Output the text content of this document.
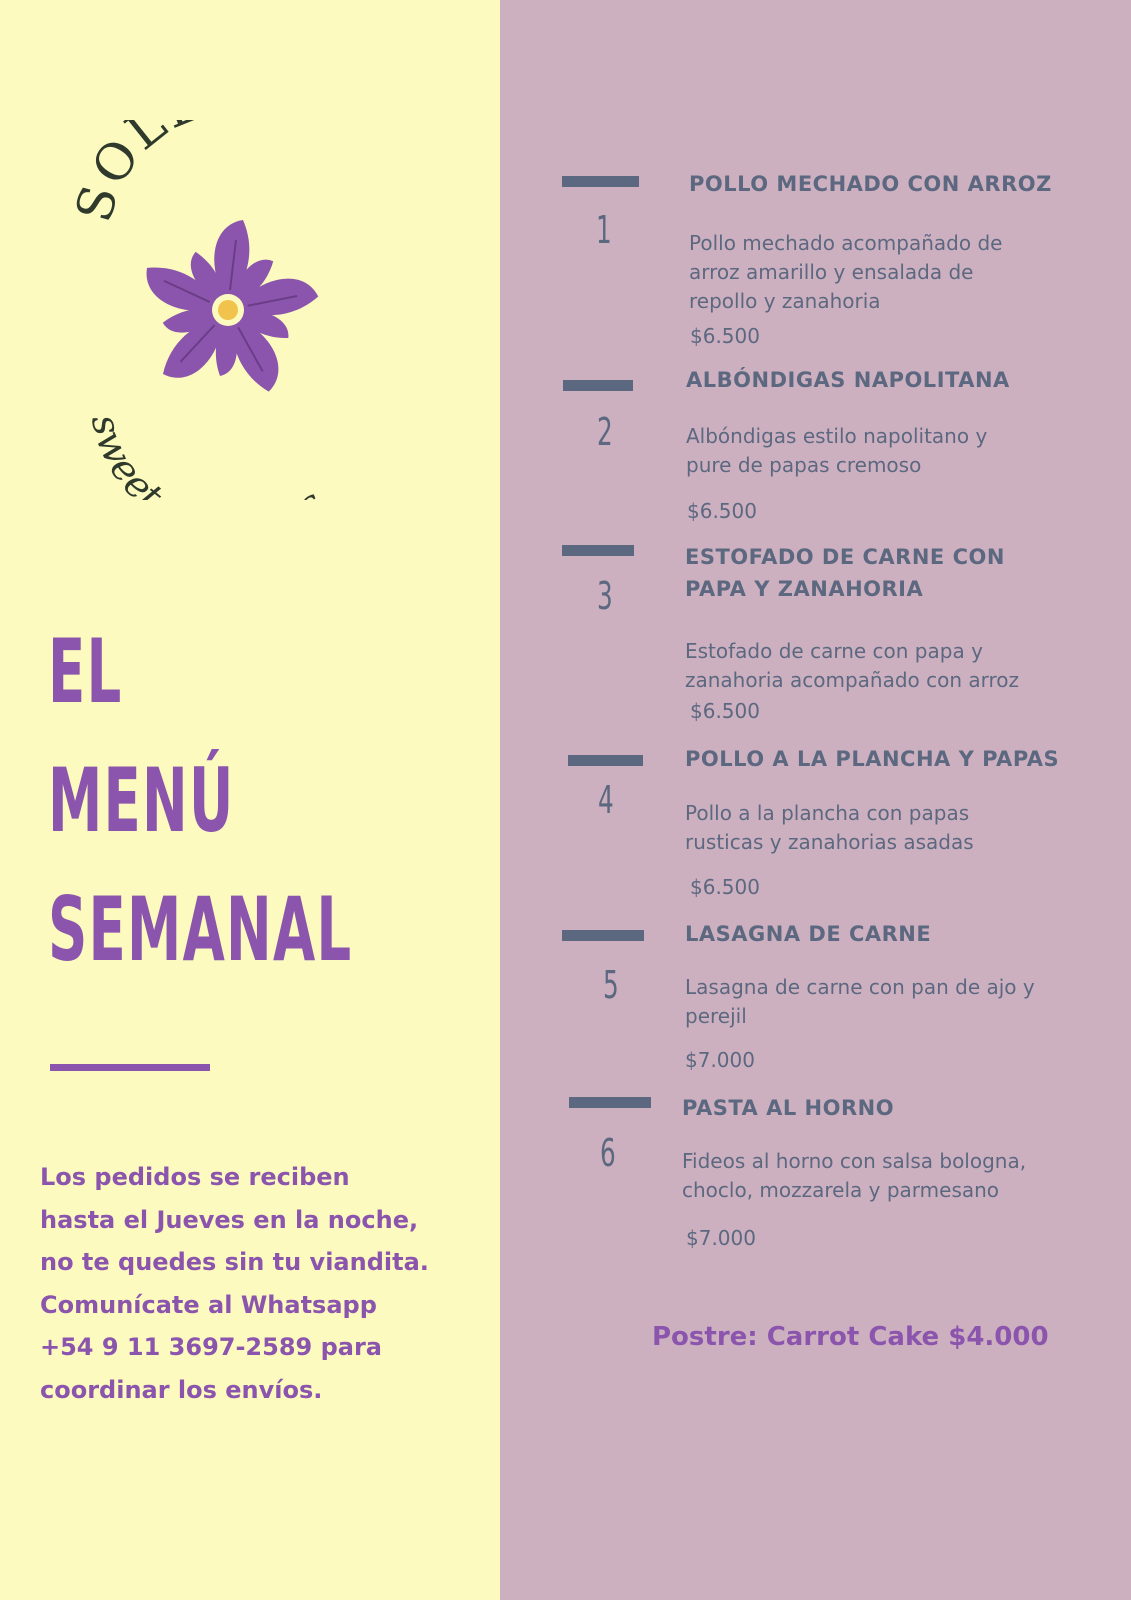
SOL
sweet
EL
MENÚ
SEMANAL
Los pedidos se reciben
hasta el Jueves en la noche,
no te quedes sin tu viandita.
Comunícate al Whatsapp
+54 9 11 3697-2589 para
coordinar los envíos.
1
POLLO MECHADO CON ARROZ
Pollo mechado acompañado de
arroz amarillo y ensalada de
repollo y zanahoria
$6.500
2
ALBÓNDIGAS NAPOLITANA
Albóndigas estilo napolitano y
pure de papas cremoso
$6.500
3
ESTOFADO DE CARNE CON
PAPA Y ZANAHORIA
Estofado de carne con papa y
zanahoria acompañado con arroz
$6.500
4
POLLO A LA PLANCHA Y PAPAS
Pollo a la plancha con papas
rusticas y zanahorias asadas
$6.500
5
LASAGNA DE CARNE
Lasagna de carne con pan de ajo y
perejil
$7.000
6
PASTA AL HORNO
Fideos al horno con salsa bologna,
choclo, mozzarela y parmesano
$7.000
Postre: Carrot Cake $4.000
